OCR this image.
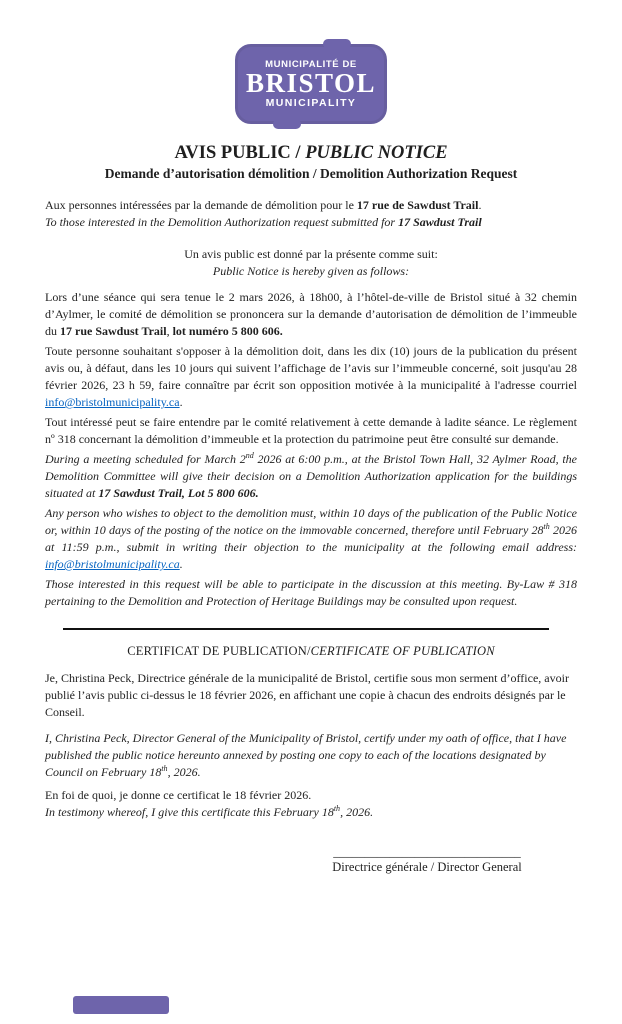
MUNICIPALITÉ DE
BRISTOL
MUNICIPALITY
AVIS PUBLIC / PUBLIC NOTICE
Demande d’autorisation démolition / Demolition Authorization Request

Aux personnes intéressées par la demande de démolition pour le 17 rue de Sawdust Trail.

To those interested in the Demolition Authorization request submitted for 17 Sawdust Trail

Un avis public est donné par la présente comme suit:

Public Notice is hereby given as follows:

Lors d’une séance qui sera tenue le 2 mars 2026, à 18h00, à l’hôtel-de-ville de Bristol situé à 32 chemin d’Aylmer, le comité de démolition se prononcera sur la demande d’autorisation de démolition de l’immeuble du 17 rue Sawdust Trail, lot numéro 5 800 606.

Toute personne souhaitant s'opposer à la démolition doit, dans les dix (10) jours de la publication du présent avis ou, à défaut, dans les 10 jours qui suivent l’affichage de l’avis sur l’immeuble concerné, soit jusqu'au 28 février 2026, 23 h 59, faire connaître par écrit son opposition motivée à la municipalité à l'adresse courriel info@bristolmunicipality.ca.

Tout intéressé peut se faire entendre par le comité relativement à cette demande à ladite séance. Le règlement nº 318 concernant la démolition d’immeuble et la protection du patrimoine peut être consulté sur demande.

During a meeting scheduled for March 2nd 2026 at 6:00 p.m., at the Bristol Town Hall, 32 Aylmer Road, the Demolition Committee will give their decision on a Demolition Authorization application for the buildings situated at 17 Sawdust Trail, Lot 5 800 606.

Any person who wishes to object to the demolition must, within 10 days of the publication of the Public Notice or, within 10 days of the posting of the notice on the immovable concerned, therefore until February 28th 2026 at 11:59 p.m., submit in writing their objection to the municipality at the following email address: info@bristolmunicipality.ca.

Those interested in this request will be able to participate in the discussion at this meeting. By-Law # 318 pertaining to the Demolition and Protection of Heritage Buildings may be consulted upon request.

CERTIFICAT DE PUBLICATION/CERTIFICATE OF PUBLICATION

Je, Christina Peck, Directrice générale de la municipalité de Bristol, certifie sous mon serment d’office, avoir publié l’avis public ci-dessus le 18 février 2026, en affichant une copie à chacun des endroits désignés par le Conseil.

I, Christina Peck, Director General of the Municipality of Bristol, certify under my oath of office, that I have published the public notice hereunto annexed by posting one copy to each of the locations designated by Council on February 18th, 2026.

En foi de quoi, je donne ce certificat le 18 février 2026.

In testimony whereof, I give this certificate this February 18th, 2026.

______________________________
Directrice générale / Director General
